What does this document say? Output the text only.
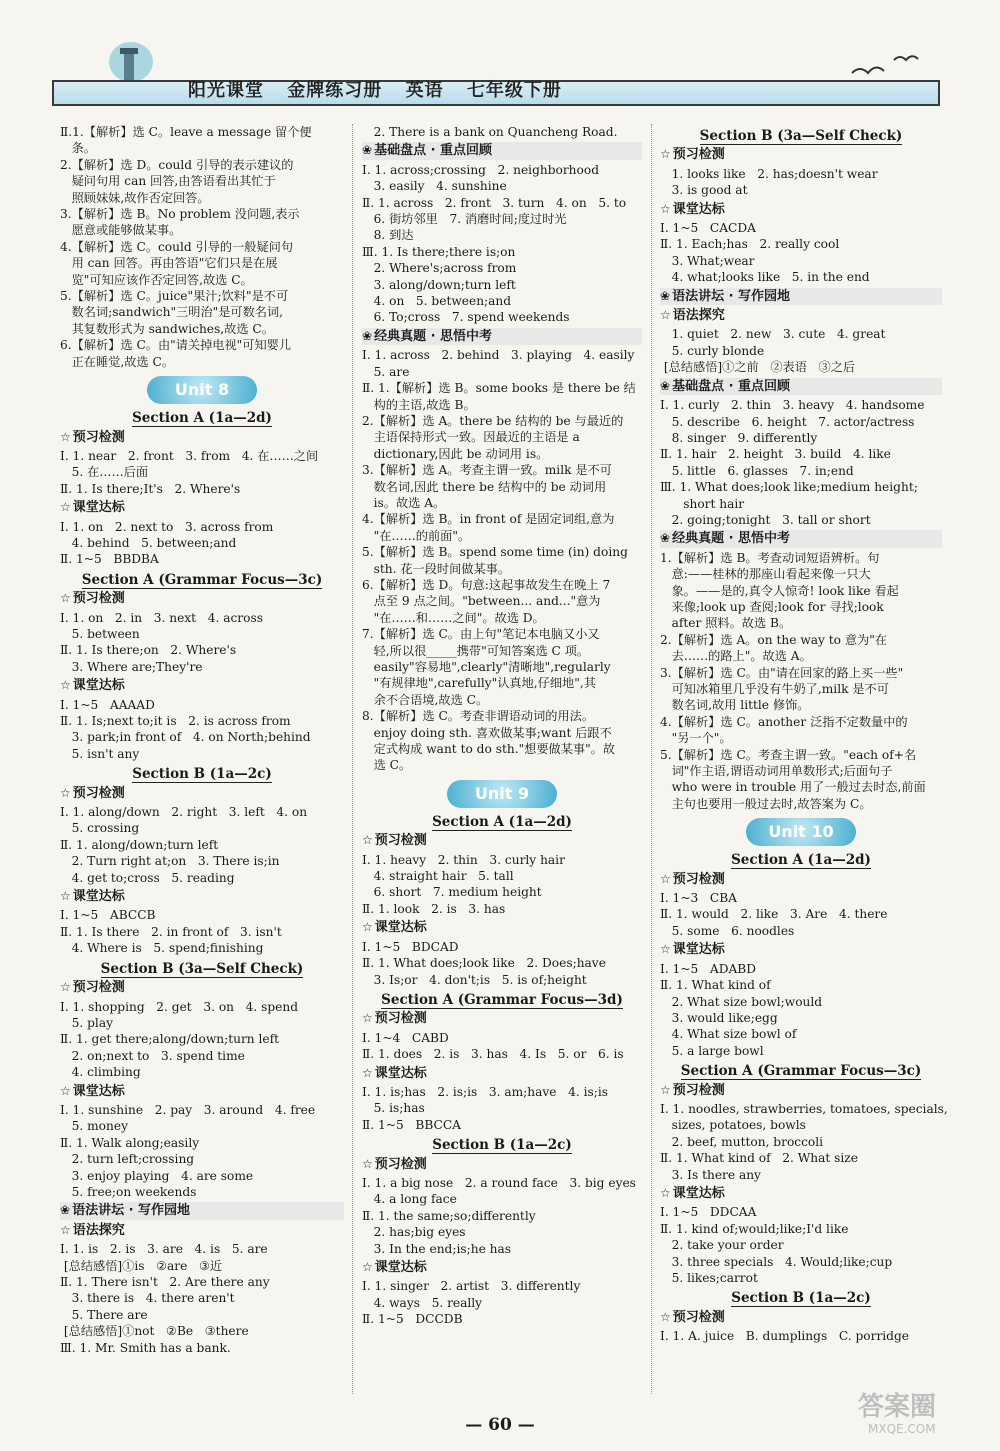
阳光课堂 金牌练习册 英语 七年级下册
Ⅱ.1.【解析】选 C。leave a message 留个便
条。
2.【解析】选 D。could 引导的表示建议的
疑问句用 can 回答,由答语看出其忙于
照顾妹妹,故作否定回答。
3.【解析】选 B。No problem 没问题,表示
愿意或能够做某事。
4.【解析】选 C。could 引导的一般疑问句
用 can 回答。再由答语"它们只是在展
览"可知应该作否定回答,故选 C。
5.【解析】选 C。juice"果汁;饮料"是不可
数名词;sandwich"三明治"是可数名词,
其复数形式为 sandwiches,故选 C。
6.【解析】选 C。由"请关掉电视"可知婴儿
正在睡觉,故选 C。
Unit 8
Section A (1a—2d)
☆ 预习检测
Ⅰ. 1. near   2. front   3. from   4. 在……之间
5. 在……后面
Ⅱ. 1. Is there;It's   2. Where's
☆ 课堂达标
Ⅰ. 1. on   2. next to   3. across from
4. behind   5. between;and
Ⅱ. 1~5   BBDBA
Section A (Grammar Focus—3c)
☆ 预习检测
Ⅰ. 1. on   2. in   3. next   4. across
5. between
Ⅱ. 1. Is there;on   2. Where's
3. Where are;They're
☆ 课堂达标
Ⅰ. 1~5   AAAAD
Ⅱ. 1. Is;next to;it is   2. is across from
3. park;in front of   4. on North;behind
5. isn't any
Section B (1a—2c)
☆ 预习检测
Ⅰ. 1. along/down   2. right   3. left   4. on
5. crossing
Ⅱ. 1. along/down;turn left
2. Turn right at;on   3. There is;in
4. get to;cross   5. reading
☆ 课堂达标
Ⅰ. 1~5   ABCCB
Ⅱ. 1. Is there   2. in front of   3. isn't
4. Where is   5. spend;finishing
Section B (3a—Self Check)
☆ 预习检测
Ⅰ. 1. shopping   2. get   3. on   4. spend
5. play
Ⅱ. 1. get there;along/down;turn left
2. on;next to   3. spend time
4. climbing
☆ 课堂达标
Ⅰ. 1. sunshine   2. pay   3. around   4. free
5. money
Ⅱ. 1. Walk along;easily
2. turn left;crossing
3. enjoy playing   4. are some
5. free;on weekends
❀ 语法讲坛 · 写作园地
☆ 语法探究
Ⅰ. 1. is   2. is   3. are   4. is   5. are
[总结感悟]①is   ②are   ③近
Ⅱ. 1. There isn't   2. Are there any
3. there is   4. there aren't
5. There are
[总结感悟]①not   ②Be   ③there
Ⅲ. 1. Mr. Smith has a bank.
2. There is a bank on Quancheng Road.
❀ 基础盘点 · 重点回顾
Ⅰ. 1. across;crossing   2. neighborhood
3. easily   4. sunshine
Ⅱ. 1. across   2. front   3. turn   4. on   5. to
6. 街坊邻里   7. 消磨时间;度过时光
8. 到达
Ⅲ. 1. Is there;there is;on
2. Where's;across from
3. along/down;turn left
4. on   5. between;and
6. To;cross   7. spend weekends
❀ 经典真题 · 思悟中考
Ⅰ. 1. across   2. behind   3. playing   4. easily
5. are
Ⅱ. 1.【解析】选 B。some books 是 there be 结
构的主语,故选 B。
2.【解析】选 A。there be 结构的 be 与最近的
主语保持形式一致。因最近的主语是 a
dictionary,因此 be 动词用 is。
3.【解析】选 A。考查主谓一致。milk 是不可
数名词,因此 there be 结构中的 be 动词用
is。故选 A。
4.【解析】选 B。in front of 是固定词组,意为
"在……的前面"。
5.【解析】选 B。spend some time (in) doing
sth. 花一段时间做某事。
6.【解析】选 D。句意:这起事故发生在晚上 7
点至 9 点之间。"between... and..."意为
"在……和……之间"。故选 D。
7.【解析】选 C。由上句"笔记本电脑又小又
轻,所以很_____携带"可知答案选 C 项。
easily"容易地",clearly"清晰地",regularly
"有规律地",carefully"认真地,仔细地",其
余不合语境,故选 C。
8.【解析】选 C。考查非谓语动词的用法。
enjoy doing sth. 喜欢做某事;want 后跟不
定式构成 want to do sth."想要做某事"。故
选 C。
Unit 9
Section A (1a—2d)
☆ 预习检测
Ⅰ. 1. heavy   2. thin   3. curly hair
4. straight hair   5. tall
6. short   7. medium height
Ⅱ. 1. look   2. is   3. has
☆ 课堂达标
Ⅰ. 1~5   BDCAD
Ⅱ. 1. What does;look like   2. Does;have
3. Is;or   4. don't;is   5. is of;height
Section A (Grammar Focus—3d)
☆ 预习检测
Ⅰ. 1~4   CABD
Ⅱ. 1. does   2. is   3. has   4. Is   5. or   6. is
☆ 课堂达标
Ⅰ. 1. is;has   2. is;is   3. am;have   4. is;is
5. is;has
Ⅱ. 1~5   BBCCA
Section B (1a—2c)
☆ 预习检测
Ⅰ. 1. a big nose   2. a round face   3. big eyes
4. a long face
Ⅱ. 1. the same;so;differently
2. has;big eyes
3. In the end;is;he has
☆ 课堂达标
Ⅰ. 1. singer   2. artist   3. differently
4. ways   5. really
Ⅱ. 1~5   DCCDB
Section B (3a—Self Check)
☆ 预习检测
1. looks like   2. has;doesn't wear
3. is good at
☆ 课堂达标
Ⅰ. 1~5   CACDA
Ⅱ. 1. Each;has   2. really cool
3. What;wear
4. what;looks like   5. in the end
❀ 语法讲坛 · 写作园地
☆ 语法探究
1. quiet   2. new   3. cute   4. great
5. curly blonde
[总结感悟]①之前   ②表语   ③之后
❀ 基础盘点 · 重点回顾
Ⅰ. 1. curly   2. thin   3. heavy   4. handsome
5. describe   6. height   7. actor/actress
8. singer   9. differently
Ⅱ. 1. hair   2. height   3. build   4. like
5. little   6. glasses   7. in;end
Ⅲ. 1. What does;look like;medium height;
short hair
2. going;tonight   3. tall or short
❀ 经典真题 · 思悟中考
1.【解析】选 B。考查动词短语辨析。句
意:——桂林的那座山看起来像一只大
象。——是的,真令人惊奇! look like 看起
来像;look up 查阅;look for 寻找;look
after 照料。故选 B。
2.【解析】选 A。on the way to 意为"在
去……的路上"。故选 A。
3.【解析】选 C。由"请在回家的路上买一些"
可知冰箱里几乎没有牛奶了,milk 是不可
数名词,故用 little 修饰。
4.【解析】选 C。another 泛指不定数量中的
"另一个"。
5.【解析】选 C。考查主谓一致。"each of+名
词"作主语,谓语动词用单数形式;后面句子
who were in trouble 用了一般过去时态,前面
主句也要用一般过去时,故答案为 C。
Unit 10
Section A (1a—2d)
☆ 预习检测
Ⅰ. 1~3   CBA
Ⅱ. 1. would   2. like   3. Are   4. there
5. some   6. noodles
☆ 课堂达标
Ⅰ. 1~5   ADABD
Ⅱ. 1. What kind of
2. What size bowl;would
3. would like;egg
4. What size bowl of
5. a large bowl
Section A (Grammar Focus—3c)
☆ 预习检测
Ⅰ. 1. noodles, strawberries, tomatoes, specials,
sizes, potatoes, bowls
2. beef, mutton, broccoli
Ⅱ. 1. What kind of   2. What size
3. Is there any
☆ 课堂达标
Ⅰ. 1~5   DDCAA
Ⅱ. 1. kind of;would;like;I'd like
2. take your order
3. three specials   4. Would;like;cup
5. likes;carrot
Section B (1a—2c)
☆ 预习检测
Ⅰ. 1. A. juice   B. dumplings   C. porridge
— 60 —
答案圈
MXQE.COM
